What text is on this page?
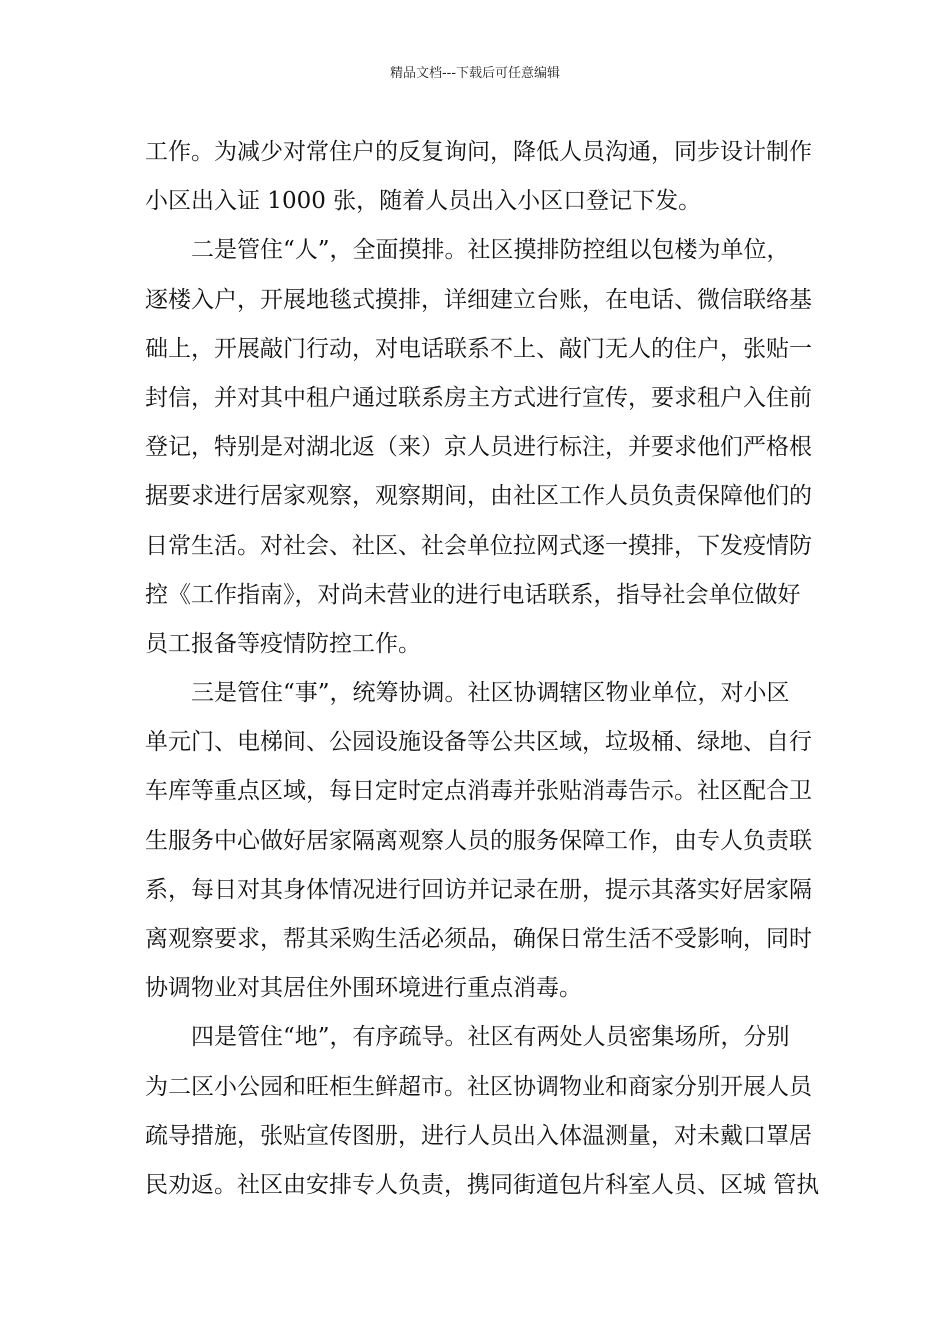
精品文档---下载后可任意编辑
工作。为减少对常住户的反复询问，降低人员沟通，同步设计制作
小区出入证 1000 张，随着人员出入小区口登记下发。
二是管住“人”，全面摸排。社区摸排防控组以包楼为单位，
逐楼入户，开展地毯式摸排，详细建立台账，在电话、微信联络基
础上，开展敲门行动，对电话联系不上、敲门无人的住户，张贴一
封信，并对其中租户通过联系房主方式进行宣传，要求租户入住前
登记，特别是对湖北返（来）京人员进行标注，并要求他们严格根
据要求进行居家观察，观察期间，由社区工作人员负责保障他们的
日常生活。对社会、社区、社会单位拉网式逐一摸排，下发疫情防
控《工作指南》，对尚未营业的进行电话联系，指导社会单位做好
员工报备等疫情防控工作。
三是管住“事”，统筹协调。社区协调辖区物业单位，对小区
单元门、电梯间、公园设施设备等公共区域，垃圾桶、绿地、自行
车库等重点区域，每日定时定点消毒并张贴消毒告示。社区配合卫
生服务中心做好居家隔离观察人员的服务保障工作，由专人负责联
系，每日对其身体情况进行回访并记录在册，提示其落实好居家隔
离观察要求，帮其采购生活必须品，确保日常生活不受影响，同时
协调物业对其居住外围环境进行重点消毒。
四是管住“地”，有序疏导。社区有两处人员密集场所，分别
为二区小公园和旺柜生鲜超市。社区协调物业和商家分别开展人员
疏导措施，张贴宣传图册，进行人员出入体温测量，对未戴口罩居
民劝返。社区由安排专人负责，携同街道包片科室人员、区城 管执
